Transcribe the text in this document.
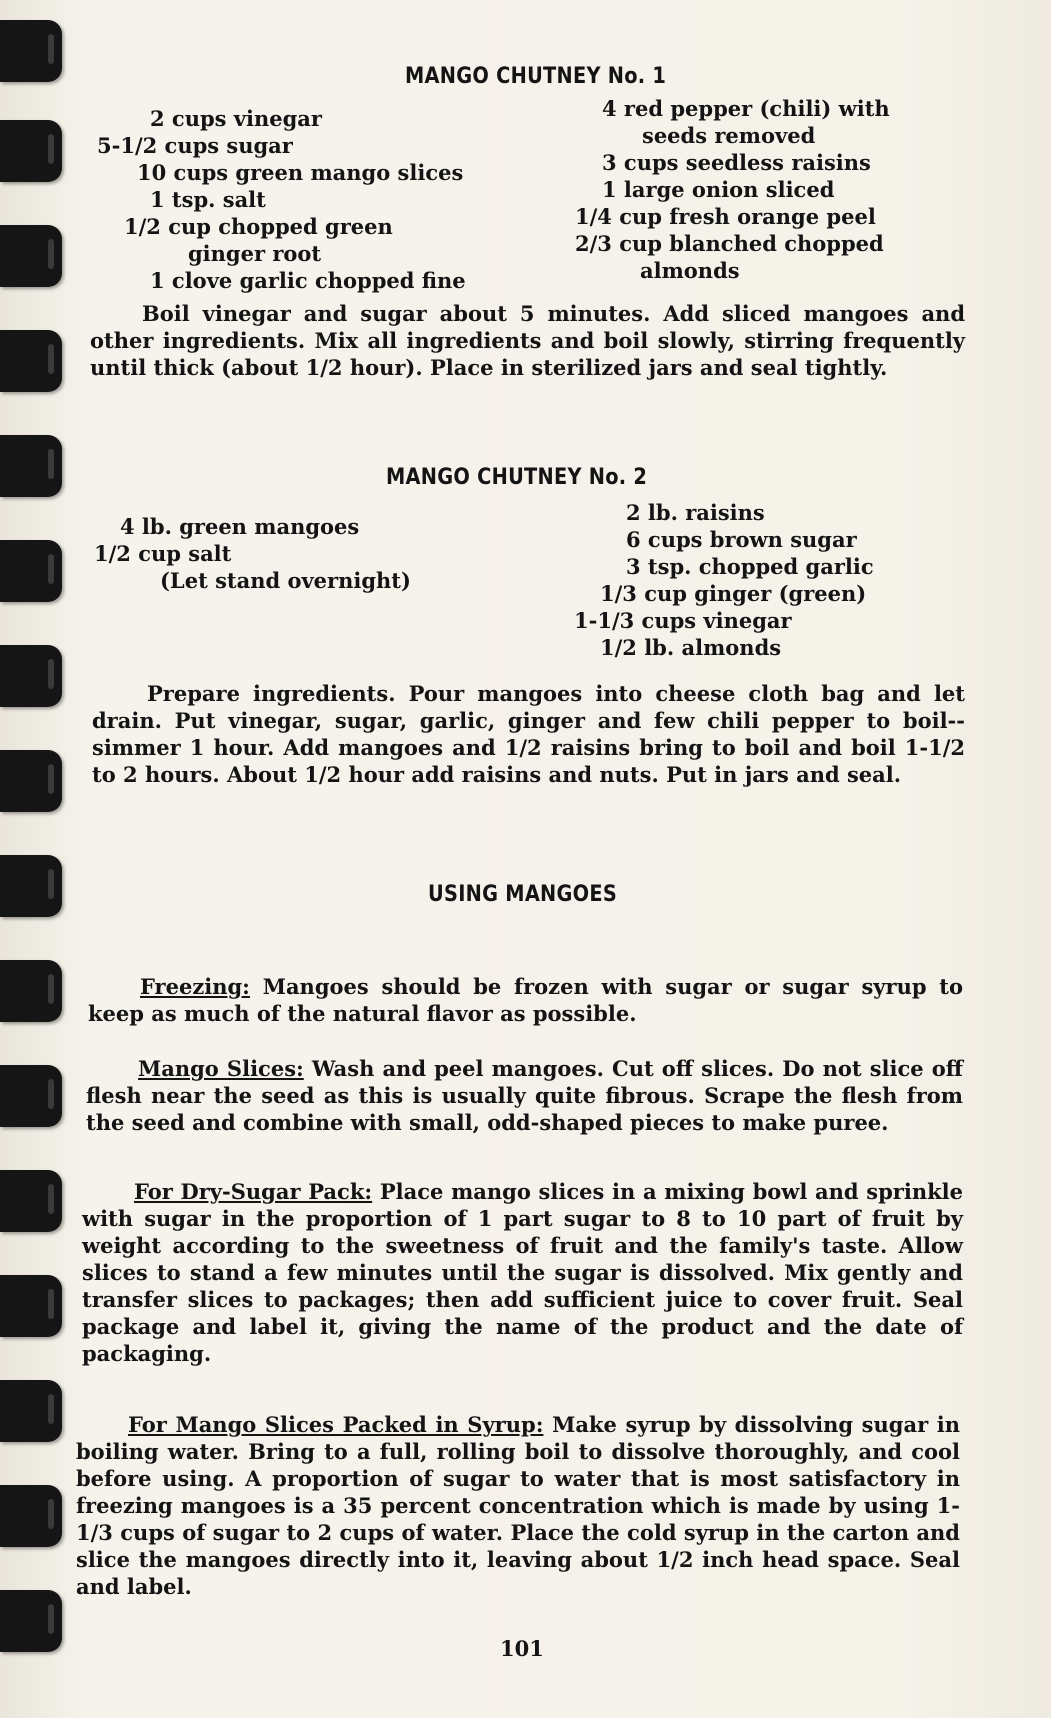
MANGO CHUTNEY No. 1
2 cups vinegar
5-1/2 cups sugar
10 cups green mango slices
1 tsp. salt
1/2 cup chopped green
ginger root
1 clove garlic chopped fine
4 red pepper (chili) with
seeds removed
3 cups seedless raisins
1 large onion sliced
1/4 cup fresh orange peel
2/3 cup blanched chopped
almonds
Boil vinegar and sugar about 5 minutes. Add sliced mangoes and other ingredients. Mix all ingredients and boil slowly, stirring frequently until thick (about 1/2 hour). Place in sterilized jars and seal tightly.
MANGO CHUTNEY No. 2
4 lb. green mangoes
1/2 cup salt
(Let stand overnight)
2 lb. raisins
6 cups brown sugar
3 tsp. chopped garlic
1/3 cup ginger (green)
1-1/3 cups vinegar
1/2 lb. almonds
Prepare ingredients. Pour mangoes into cheese cloth bag and let drain. Put vinegar, sugar, garlic, ginger and few chili pepper to boil--simmer 1 hour. Add mangoes and 1/2 raisins bring to boil and boil 1-1/2 to 2 hours. About 1/2 hour add raisins and nuts. Put in jars and seal.
USING MANGOES
Freezing: Mangoes should be frozen with sugar or sugar syrup to keep as much of the natural flavor as possible.
Mango Slices: Wash and peel mangoes. Cut off slices. Do not slice off flesh near the seed as this is usually quite fibrous. Scrape the flesh from the seed and combine with small, odd-shaped pieces to make puree.
For Dry-Sugar Pack: Place mango slices in a mixing bowl and sprinkle with sugar in the proportion of 1 part sugar to 8 to 10 part of fruit by weight according to the sweetness of fruit and the family's taste. Allow slices to stand a few minutes until the sugar is dissolved. Mix gently and transfer slices to packages; then add sufficient juice to cover fruit. Seal package and label it, giving the name of the product and the date of packaging.
For Mango Slices Packed in Syrup: Make syrup by dissolving sugar in boiling water. Bring to a full, rolling boil to dissolve thoroughly, and cool before using. A proportion of sugar to water that is most satisfactory in freezing mangoes is a 35 percent concentration which is made by using 1-1/3 cups of sugar to 2 cups of water. Place the cold syrup in the carton and slice the mangoes directly into it, leaving about 1/2 inch head space. Seal and label.
101
